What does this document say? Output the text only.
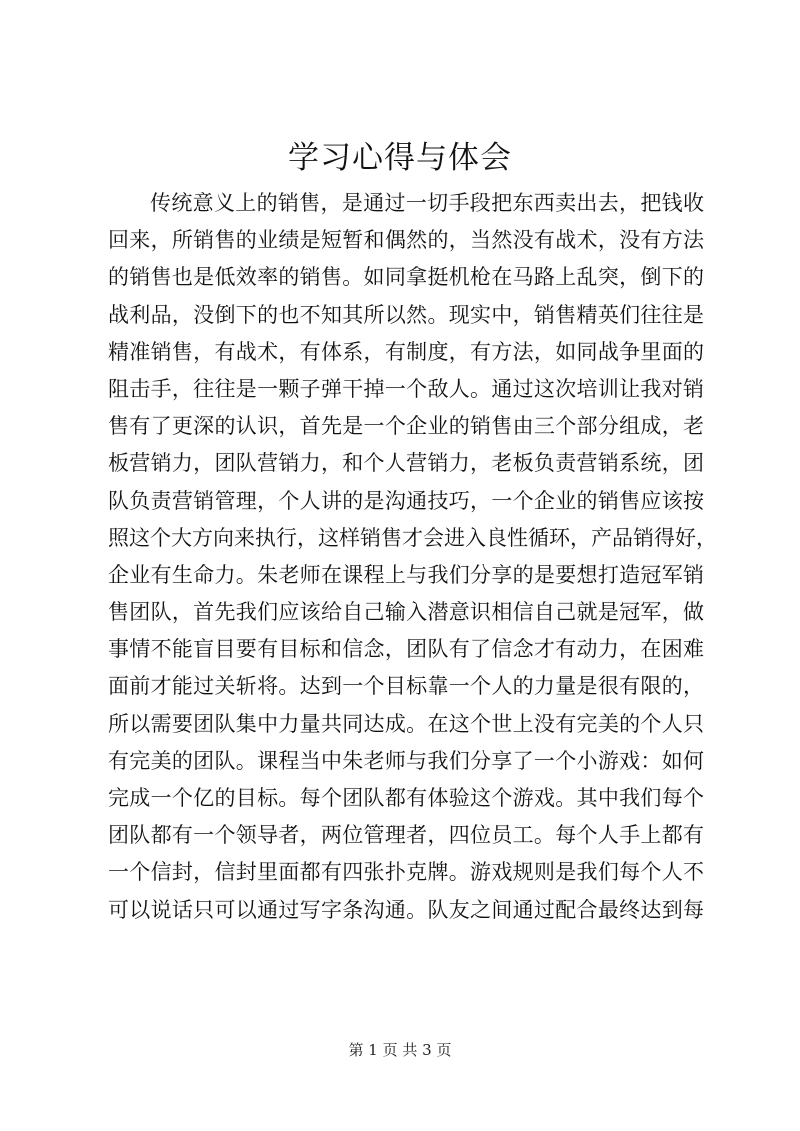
学习心得与体会
传统意义上的销售，是通过一切手段把东西卖出去，把钱收
回来，所销售的业绩是短暂和偶然的，当然没有战术，没有方法
的销售也是低效率的销售。如同拿挺机枪在马路上乱突，倒下的
战利品，没倒下的也不知其所以然。现实中，销售精英们往往是
精准销售，有战术，有体系，有制度，有方法，如同战争里面的
阻击手，往往是一颗子弹干掉一个敌人。通过这次培训让我对销
售有了更深的认识，首先是一个企业的销售由三个部分组成，老
板营销力，团队营销力，和个人营销力，老板负责营销系统，团
队负责营销管理，个人讲的是沟通技巧，一个企业的销售应该按
照这个大方向来执行，这样销售才会进入良性循环，产品销得好，
企业有生命力。朱老师在课程上与我们分享的是要想打造冠军销
售团队，首先我们应该给自己输入潜意识相信自己就是冠军，做
事情不能盲目要有目标和信念，团队有了信念才有动力，在困难
面前才能过关斩将。达到一个目标靠一个人的力量是很有限的，
所以需要团队集中力量共同达成。在这个世上没有完美的个人只
有完美的团队。课程当中朱老师与我们分享了一个小游戏：如何
完成一个亿的目标。每个团队都有体验这个游戏。其中我们每个
团队都有一个领导者，两位管理者，四位员工。每个人手上都有
一个信封，信封里面都有四张扑克牌。游戏规则是我们每个人不
可以说话只可以通过写字条沟通。队友之间通过配合最终达到每
第 1 页 共 3 页
